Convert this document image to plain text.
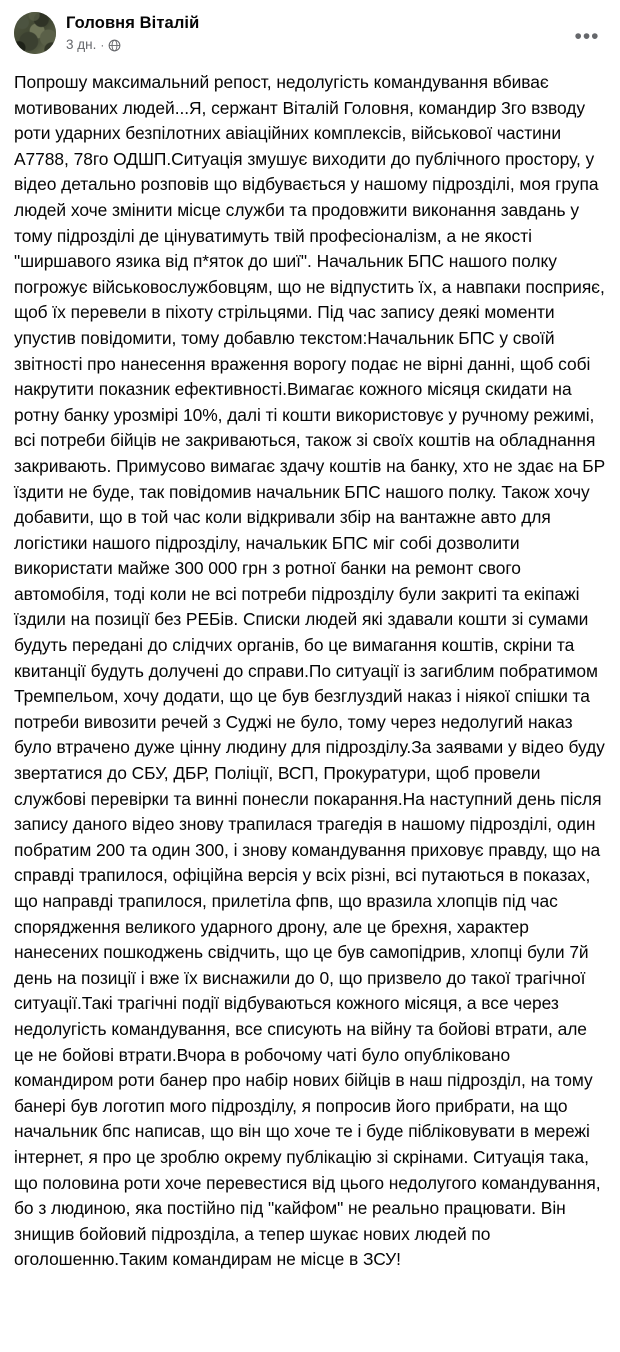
Головня Віталій
3 дн. ·	•••
Попрошу максимальний репост, недолугість командування вбиває мотивованих людей...Я, сержант Віталій Головня, командир 3го взводу роти ударних безпілотних авіаційних комплексів, військової частини А7788, 78го ОДШП.Ситуація змушує виходити до публічного простору, у відео детально розповів що відбувається у нашому підрозділі, моя група людей хоче змінити місце служби та продовжити виконання завдань у тому підрозділі де цінуватимуть твій професіоналізм, а не якості "ширшавого язика від п*яток до шиї". Начальник БПС нашого полку погрожує військовослужбовцям, що не відпустить їх, а навпаки посприяє, щоб їх перевели в піхоту стрільцями. Під час запису деякі моменти упустив повідомити, тому добавлю текстом:Начальник БПС у своїй звітності про нанесення враження ворогу подає не вірні данні, щоб собі накрутити показник ефективності.Вимагає кожного місяця скидати на ротну банку урозмірі 10%, далі ті кошти використовує у ручному режимі, всі потреби бійців не закриваються, також зі своїх коштів на обладнання закривають. Примусово вимагає здачу коштів на банку, хто не здає на БР їздити не буде, так повідомив начальник БПС нашого полку. Також хочу добавити, що в той час коли відкривали збір на вантажне авто для логістики нашого підрозділу, началькик БПС міг собі дозволити використати майже 300 000 грн з ротної банки на ремонт свого автомобіля, тоді коли не всі потреби підрозділу були закриті та екіпажі їздили на позиції без РЕБів. Списки людей які здавали кошти зі сумами будуть передані до слідчих органів, бо це вимагання коштів, скріни та квитанції будуть долучені до справи.По ситуації із загиблим побратимом Тремпельом, хочу додати, що це був безглуздий наказ і ніякої спішки та потреби вивозити речей з Суджі не було, тому через недолугий наказ було втрачено дуже цінну людину для підрозділу.За заявами у відео буду звертатися до СБУ, ДБР, Поліції, ВСП, Прокуратури, щоб провели службові перевірки та винні понесли покарання.На наступний день після запису даного відео знову трапилася трагедія в нашому підрозділі, один побратим 200 та один 300, і знову командування приховує правду, що на справді трапилося, офіційна версія у всіх різні, всі путаються в показах, що направді трапилося, прилетіла фпв, що вразила хлопців під час спорядження великого ударного дрону, але це брехня, характер нанесених пошкоджень свідчить, що це був самопідрив, хлопці були 7й день на позиції і вже їх виснажили до 0, що призвело до такої трагічної ситуації.Такі трагічні події відбуваються кожного місяця, а все через недолугість командування, все списують на війну та бойові втрати, але це не бойові втрати.Вчора в робочому чаті було опубліковано командиром роти банер про набір нових бійців в наш підрозділ, на тому банері був логотип мого підрозділу, я попросив його прибрати, на що начальник бпс написав, що він що хоче те і буде пібліковувати в мережі інтернет, я про це зроблю окрему публікацію зі скрінами. Ситуація така, що половина роти хоче перевестися від цього недолугого командування, бо з людиною, яка постійно під "кайфом" не реально працювати. Він знищив бойовий підрозділа, а тепер шукає нових людей по оголошенню.Таким командирам не місце в ЗСУ!
